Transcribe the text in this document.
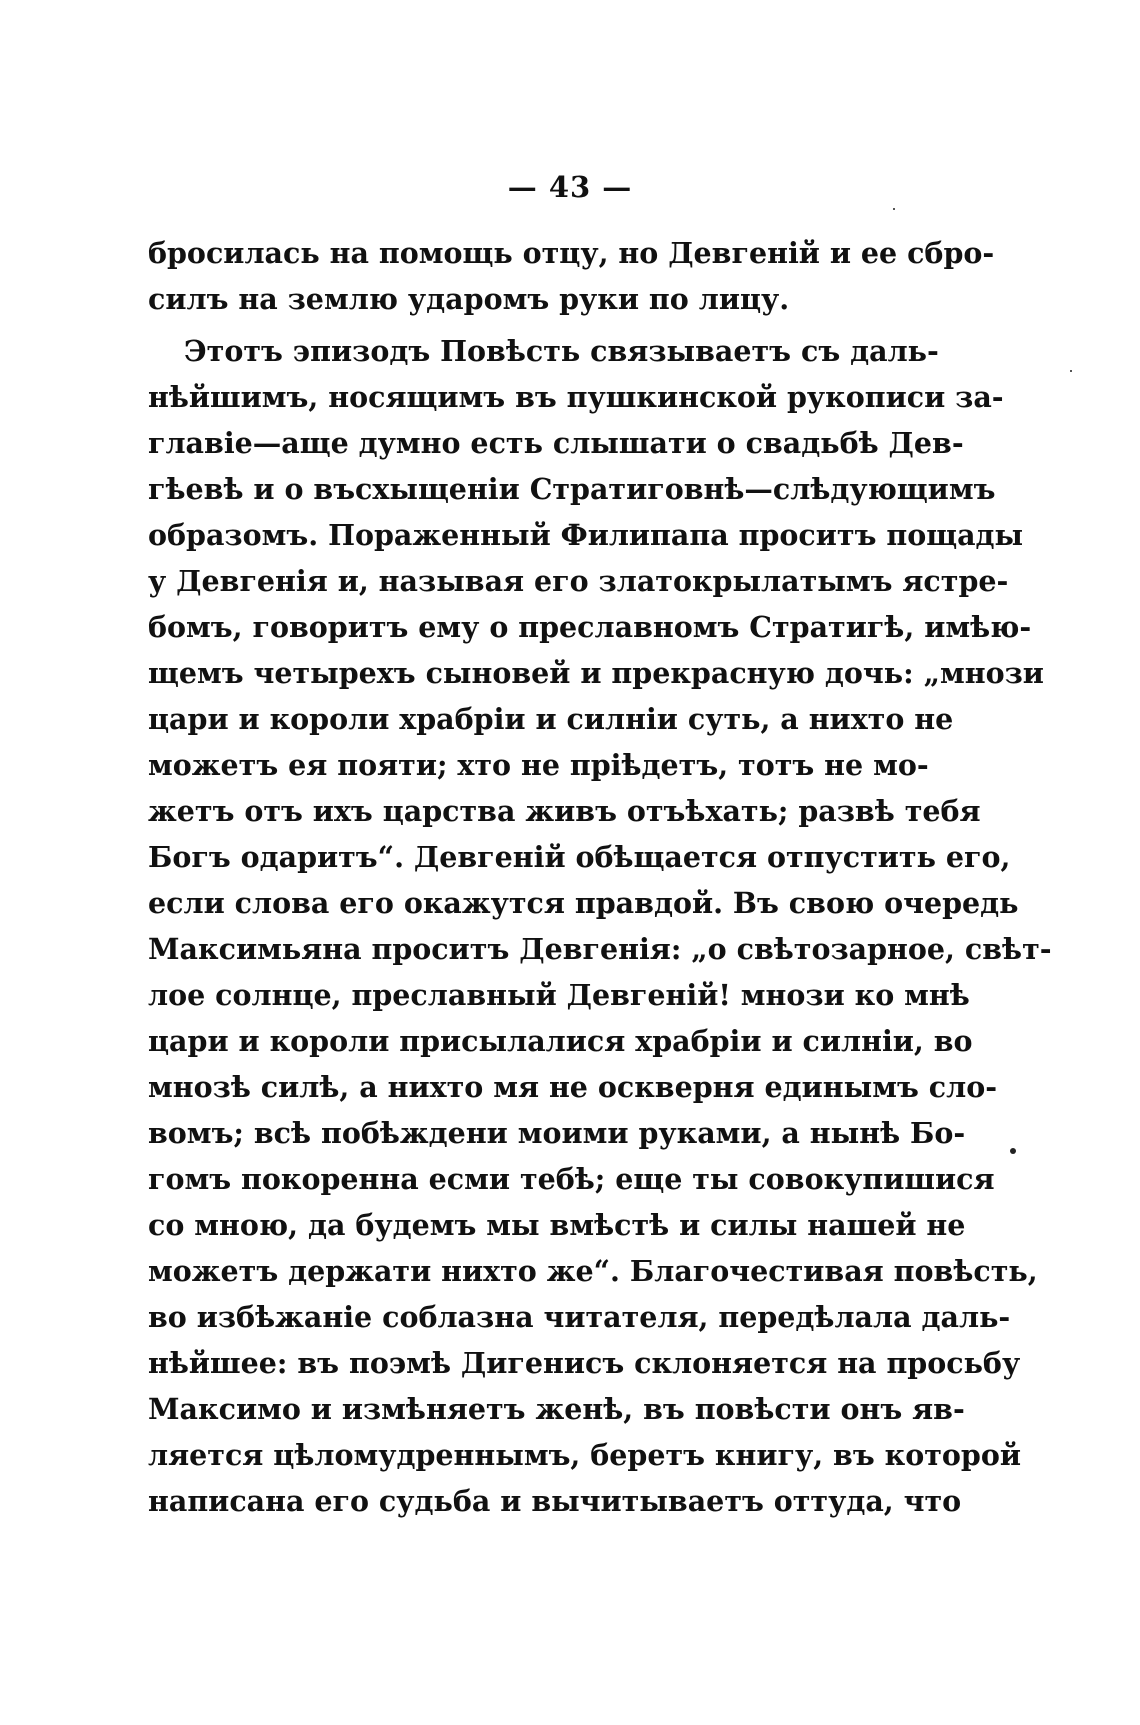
— 43 —
бросилась на помощь отцу, но Девгеній и ее сбро-
силъ на землю ударомъ руки по лицу.
Этотъ эпизодъ Повѣсть связываетъ съ даль-
нѣйшимъ, носящимъ въ пушкинской рукописи за-
главіе—аще думно есть слышати о свадьбѣ Дев-
гѣевѣ и о въсхыщеніи Стратиговнѣ—слѣдующимъ
образомъ. Пораженный Филипапа проситъ пощады
у Девгенія и, называя его златокрылатымъ ястре-
бомъ, говоритъ ему о преславномъ Стратигѣ, имѣю-
щемъ четырехъ сыновей и прекрасную дочь: „мнози
цари и короли храбріи и силніи суть, а нихто не
можетъ ея пояти; хто не пріѣдетъ, тотъ не мо-
жетъ отъ ихъ царства живъ отъѣхать; развѣ тебя
Богъ одаритъ“. Девгеній обѣщается отпустить его,
если слова его окажутся правдой. Въ свою очередь
Максимьяна проситъ Девгенія: „о свѣтозарное, свѣт-
лое солнце, преславный Девгеній! мнози ко мнѣ
цари и короли присылалися храбріи и силніи, во
мнозѣ силѣ, а нихто мя не оскверня единымъ сло-
вомъ; всѣ побѣждени моими руками, а нынѣ Бо-
гомъ покоренна есми тебѣ; еще ты совокупишися
со мною, да будемъ мы вмѣстѣ и силы нашей не
можетъ держати нихто же“. Благочестивая повѣсть,
во избѣжаніе соблазна читателя, передѣлала даль-
нѣйшее: въ поэмѣ Дигенисъ склоняется на просьбу
Максимо и измѣняетъ женѣ, въ повѣсти онъ яв-
ляется цѣломудреннымъ, беретъ книгу, въ которой
написана его судьба и вычитываетъ оттуда, что
